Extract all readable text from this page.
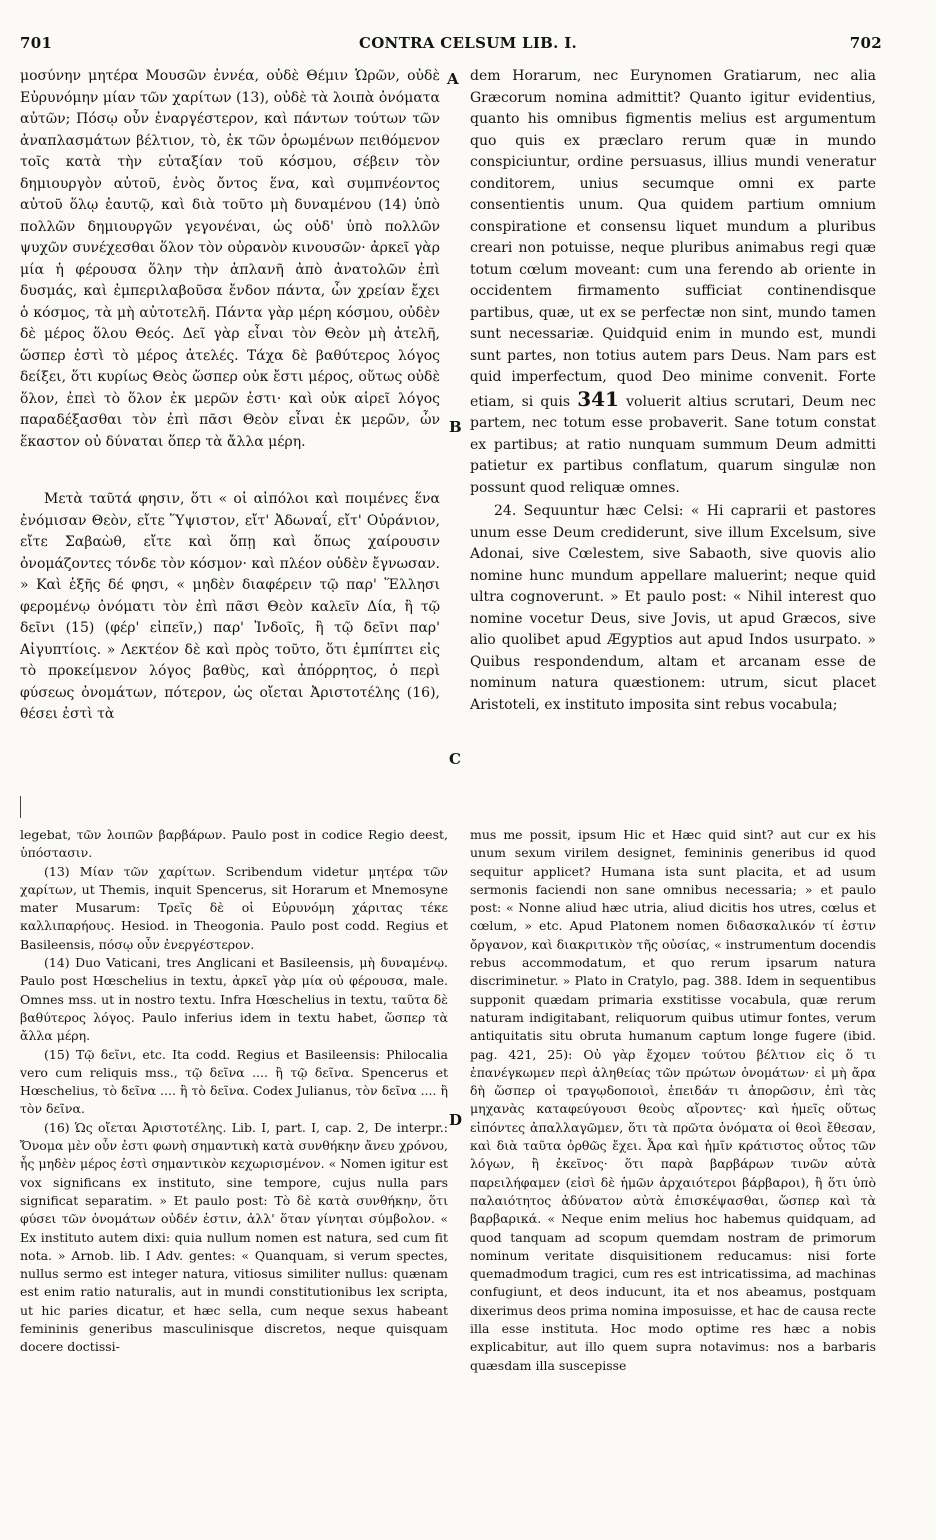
701	CONTRA CELSUM LIB. I.	702
A
B
C
D

μοσύνην μητέρα Μουσῶν ἐννέα, οὐδὲ Θέμιν Ὡρῶν, οὐδὲ Εὐρυνόμην μίαν τῶν χαρίτων (13), οὐδὲ τὰ λοιπὰ ὀνόματα αὐτῶν; Πόσῳ οὖν ἐναργέστερον, καὶ πάντων τούτων τῶν ἀναπλασμάτων βέλτιον, τὸ, ἐκ τῶν ὁρωμένων πειθόμενον τοῖς κατὰ τὴν εὐταξίαν τοῦ κόσμου, σέβειν τὸν δημιουργὸν αὐτοῦ, ἑνὸς ὄντος ἕνα, καὶ συμπνέοντος αὐτοῦ ὅλῳ ἑαυτῷ, καὶ διὰ τοῦτο μὴ δυναμένου (14) ὑπὸ πολλῶν δημιουργῶν γεγονέναι, ὡς οὐδ' ὑπὸ πολλῶν ψυχῶν συνέχεσθαι ὅλον τὸν οὐρανὸν κινουσῶν· ἀρκεῖ γὰρ μία ἡ φέρουσα ὅλην τὴν ἀπλανῆ ἀπὸ ἀνατολῶν ἐπὶ δυσμάς, καὶ ἐμπεριλαβοῦσα ἔνδον πάντα, ὧν χρείαν ἔχει ὁ κόσμος, τὰ μὴ αὐτοτελῆ. Πάντα γὰρ μέρη κόσμου, οὐδὲν δὲ μέρος ὅλου Θεός. Δεῖ γὰρ εἶναι τὸν Θεὸν μὴ ἀτελῆ, ὥσπερ ἐστὶ τὸ μέρος ἀτελές. Τάχα δὲ βαθύτερος λόγος δείξει, ὅτι κυρίως Θεὸς ὥσπερ οὐκ ἔστι μέρος, οὕτως οὐδὲ ὅλον, ἐπεὶ τὸ ὅλον ἐκ μερῶν ἐστι· καὶ οὐκ αἱρεῖ λόγος παραδέξασθαι τὸν ἐπὶ πᾶσι Θεὸν εἶναι ἐκ μερῶν, ὧν ἕκαστον οὐ δύναται ὅπερ τὰ ἄλλα μέρη.

Μετὰ ταῦτά φησιν, ὅτι « οἱ αἰπόλοι καὶ ποιμένες ἕνα ἐνόμισαν Θεὸν, εἴτε Ὕψιστον, εἴτ' Ἀδωναΐ, εἴτ' Οὐράνιον, εἴτε Σαβαὼθ, εἴτε καὶ ὅπῃ καὶ ὅπως χαίρουσιν ὀνομάζοντες τόνδε τὸν κόσμον· καὶ πλέον οὐδὲν ἔγνωσαν. » Καὶ ἑξῆς δέ φησι, « μηδὲν διαφέρειν τῷ παρ' Ἕλλησι φερομένῳ ὀνόματι τὸν ἐπὶ πᾶσι Θεὸν καλεῖν Δία, ἢ τῷ δεῖνι (15) (φέρ' εἰπεῖν,) παρ' Ἰνδοῖς, ἢ τῷ δεῖνι παρ' Αἰγυπτίοις. » Λεκτέον δὲ καὶ πρὸς τοῦτο, ὅτι ἐμπίπτει εἰς τὸ προκείμενον λόγος βαθὺς, καὶ ἀπόρρητος, ὁ περὶ φύσεως ὀνομάτων, πότερον, ὡς οἴεται Ἀριστοτέλης (16), θέσει ἐστὶ τὰ

dem Horarum, nec Eurynomen Gratiarum, nec alia Græcorum nomina admittit? Quanto igitur evidentius, quanto his omnibus figmentis melius est argumentum quo quis ex præclaro rerum quæ in mundo conspiciuntur, ordine persuasus, illius mundi veneratur conditorem, unius secumque omni ex parte consentientis unum. Qua quidem partium omnium conspiratione et consensu liquet mundum a pluribus creari non potuisse, neque pluribus animabus regi quæ totum cœlum moveant: cum una ferendo ab oriente in occidentem firmamento sufficiat continendisque partibus, quæ, ut ex se perfectæ non sint, mundo tamen sunt necessariæ. Quidquid enim in mundo est, mundi sunt partes, non totius autem pars Deus. Nam pars est quid imperfectum, quod Deo minime convenit. Forte etiam, si quis 341 voluerit altius scrutari, Deum nec partem, nec totum esse probaverit. Sane totum constat ex partibus; at ratio nunquam summum Deum admitti patietur ex partibus conflatum, quarum singulæ non possunt quod reliquæ omnes.

24. Sequuntur hæc Celsi: « Hi caprarii et pastores unum esse Deum crediderunt, sive illum Excelsum, sive Adonai, sive Cœlestem, sive Sabaoth, sive quovis alio nomine hunc mundum appellare maluerint; neque quid ultra cognoverunt. » Et paulo post: « Nihil interest quo nomine vocetur Deus, sive Jovis, ut apud Græcos, sive alio quolibet apud Ægyptios aut apud Indos usurpato. » Quibus respondendum, altam et arcanam esse de nominum natura quæstionem: utrum, sicut placet Aristoteli, ex instituto imposita sint rebus vocabula;

legebat, τῶν λοιπῶν βαρβάρων. Paulo post in codice Regio deest, ὑπόστασιν.

(13) Μίαν τῶν χαρίτων. Scribendum videtur μητέρα τῶν χαρίτων, ut Themis, inquit Spencerus, sit Horarum et Mnemosyne mater Musarum: Τρεῖς δὲ οἱ Εὐρυνόμη χάριτας τέκε καλλιπαρήους. Hesiod. in Theogonia. Paulo post codd. Regius et Basileensis, πόσῳ οὖν ἐνεργέστερον.

(14) Duo Vaticani, tres Anglicani et Basileensis, μὴ δυναμένῳ. Paulo post Hœschelius in textu, ἀρκεῖ γὰρ μία οὐ φέρουσα, male. Omnes mss. ut in nostro textu. Infra Hœschelius in textu, ταῦτα δὲ βαθύτερος λόγος. Paulo inferius idem in textu habet, ὥσπερ τὰ ἄλλα μέρη.

(15) Τῷ δεῖνι, etc. Ita codd. Regius et Basileensis: Philocalia vero cum reliquis mss., τῷ δεῖνα .... ἢ τῷ δεῖνα. Spencerus et Hœschelius, τὸ δεῖνα .... ἢ τὸ δεῖνα. Codex Julianus, τὸν δεῖνα .... ἢ τὸν δεῖνα.

(16) Ὡς οἴεται Ἀριστοτέλης. Lib. I, part. I, cap. 2, De interpr.: Ὄνομα μὲν οὖν ἐστι φωνὴ σημαντικὴ κατὰ συνθήκην ἄνευ χρόνου, ἧς μηδὲν μέρος ἐστὶ σημαντικὸν κεχωρισμένον. « Nomen igitur est vox significans ex instituto, sine tempore, cujus nulla pars significat separatim. » Et paulo post: Τὸ δὲ κατὰ συνθήκην, ὅτι φύσει τῶν ὀνομάτων οὐδέν ἐστιν, ἀλλ' ὅταν γίνηται σύμβολον. « Ex instituto autem dixi: quia nullum nomen est natura, sed cum fit nota. » Arnob. lib. I Adv. gentes: « Quanquam, si verum spectes, nullus sermo est integer natura, vitiosus similiter nullus: quænam est enim ratio naturalis, aut in mundi constitutionibus lex scripta, ut hic paries dicatur, et hæc sella, cum neque sexus habeant femininis generibus masculinisque discretos, neque quisquam docere doctissi-

mus me possit, ipsum Hic et Hæc quid sint? aut cur ex his unum sexum virilem designet, femininis generibus id quod sequitur applicet? Humana ista sunt placita, et ad usum sermonis faciendi non sane omnibus necessaria; » et paulo post: « Nonne aliud hæc utria, aliud dicitis hos utres, cœlus et cœlum, » etc. Apud Platonem nomen διδασκαλικόν τί ἐστιν ὄργανον, καὶ διακριτικὸν τῆς οὐσίας, « instrumentum docendis rebus accommodatum, et quo rerum ipsarum natura discriminetur. » Plato in Cratylo, pag. 388. Idem in sequentibus supponit quædam primaria exstitisse vocabula, quæ rerum naturam indigitabant, reliquorum quibus utimur fontes, verum antiquitatis situ obruta humanum captum longe fugere (ibid. pag. 421, 25): Οὐ γὰρ ἔχομεν τούτου βέλτιον εἰς ὅ τι ἐπανέγκωμεν περὶ ἀληθείας τῶν πρώτων ὀνομάτων· εἰ μὴ ἄρα δὴ ὥσπερ οἱ τραγῳδοποιοὶ, ἐπειδάν τι ἀπορῶσιν, ἐπὶ τὰς μηχανὰς καταφεύγουσι θεοὺς αἴροντες· καὶ ἡμεῖς οὕτως εἰπόντες ἀπαλλαγῶμεν, ὅτι τὰ πρῶτα ὀνόματα οἱ θεοὶ ἔθεσαν, καὶ διὰ ταῦτα ὀρθῶς ἔχει. Ἆρα καὶ ἡμῖν κράτιστος οὗτος τῶν λόγων, ἢ ἐκεῖνος· ὅτι παρὰ βαρβάρων τινῶν αὐτὰ παρειλήφαμεν (εἰσὶ δὲ ἡμῶν ἀρχαιότεροι βάρβαροι), ἢ ὅτι ὑπὸ παλαιότητος ἀδύνατον αὐτὰ ἐπισκέψασθαι, ὥσπερ καὶ τὰ βαρβαρικά. « Neque enim melius hoc habemus quidquam, ad quod tanquam ad scopum quemdam nostram de primorum nominum veritate disquisitionem reducamus: nisi forte quemadmodum tragici, cum res est intricatissima, ad machinas confugiunt, et deos inducunt, ita et nos abeamus, postquam dixerimus deos prima nomina imposuisse, et hac de causa recte illa esse instituta. Hoc modo optime res hæc a nobis explicabitur, aut illo quem supra notavimus: nos a barbaris quæsdam illa suscepisse
